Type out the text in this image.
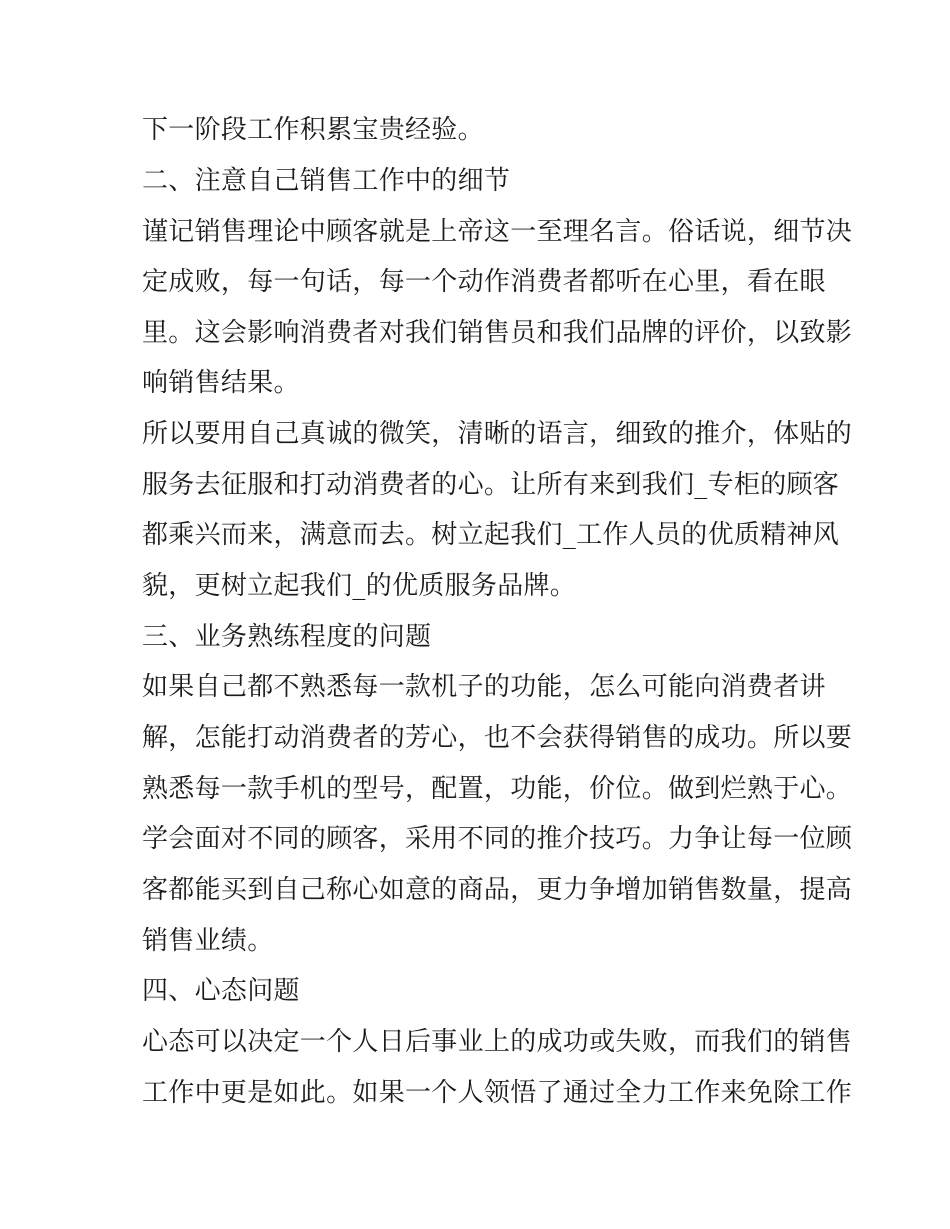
下一阶段工作积累宝贵经验。
二、注意自己销售工作中的细节
谨记销售理论中顾客就是上帝这一至理名言。俗话说，细节决
定成败，每一句话，每一个动作消费者都听在心里，看在眼
里。这会影响消费者对我们销售员和我们品牌的评价，以致影
响销售结果。
所以要用自己真诚的微笑，清晰的语言，细致的推介，体贴的
服务去征服和打动消费者的心。让所有来到我们_专柜的顾客
都乘兴而来，满意而去。树立起我们_工作人员的优质精神风
貌，更树立起我们_的优质服务品牌。
三、业务熟练程度的问题
如果自己都不熟悉每一款机子的功能，怎么可能向消费者讲
解，怎能打动消费者的芳心，也不会获得销售的成功。所以要
熟悉每一款手机的型号，配置，功能，价位。做到烂熟于心。
学会面对不同的顾客，采用不同的推介技巧。力争让每一位顾
客都能买到自己称心如意的商品，更力争增加销售数量，提高
销售业绩。
四、心态问题
心态可以决定一个人日后事业上的成功或失败，而我们的销售
工作中更是如此。如果一个人领悟了通过全力工作来免除工作
